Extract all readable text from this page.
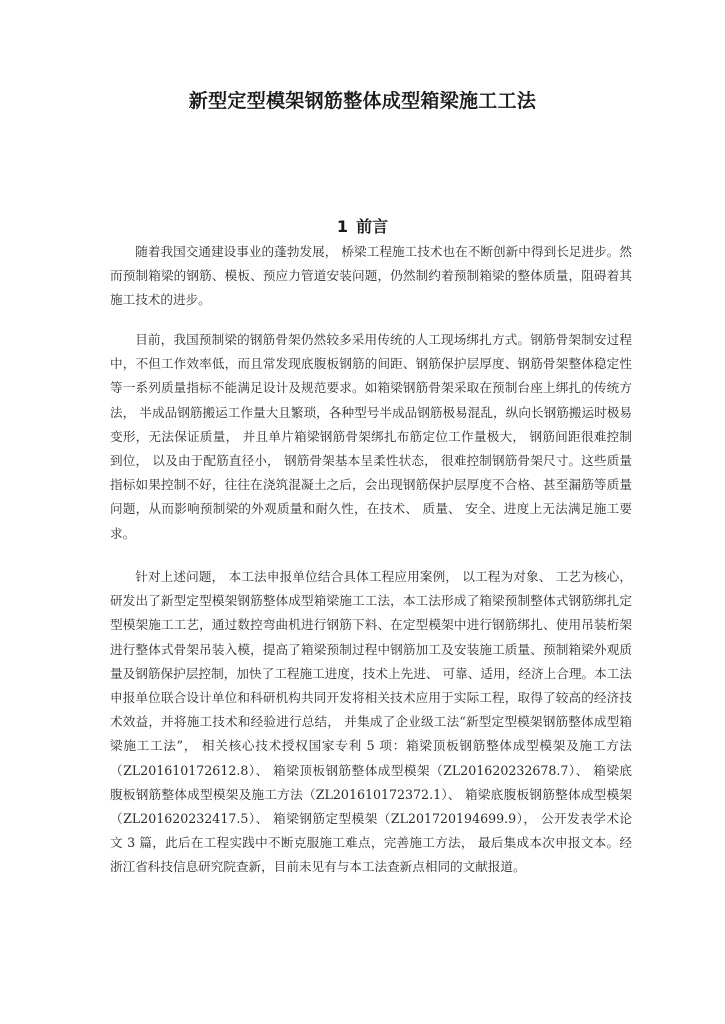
新型定型模架钢筋整体成型箱梁施工工法
1 前言

随着我国交通建设事业的蓬勃发展， 桥梁工程施工技术也在不断创新中得到长足进步。然而预制箱梁的钢筋、模板、预应力管道安装问题，仍然制约着预制箱梁的整体质量，阻碍着其施工技术的进步。

目前，我国预制梁的钢筋骨架仍然较多采用传统的人工现场绑扎方式。钢筋骨架制安过程中，不但工作效率低，而且常发现底腹板钢筋的间距、钢筋保护层厚度、钢筋骨架整体稳定性等一系列质量指标不能满足设计及规范要求。如箱梁钢筋骨架采取在预制台座上绑扎的传统方法， 半成品钢筋搬运工作量大且繁琐，各种型号半成品钢筋极易混乱，纵向长钢筋搬运时极易变形，无法保证质量， 并且单片箱梁钢筋骨架绑扎布筋定位工作量极大， 钢筋间距很难控制到位， 以及由于配筋直径小， 钢筋骨架基本呈柔性状态， 很难控制钢筋骨架尺寸。这些质量指标如果控制不好，往往在浇筑混凝土之后，会出现钢筋保护层厚度不合格、甚至漏筋等质量问题，从而影响预制梁的外观质量和耐久性，在技术、 质量、 安全、进度上无法满足施工要求。

针对上述问题， 本工法申报单位结合具体工程应用案例， 以工程为对象、 工艺为核心，研发出了新型定型模架钢筋整体成型箱梁施工工法，本工法形成了箱梁预制整体式钢筋绑扎定型模架施工工艺，通过数控弯曲机进行钢筋下料、在定型模架中进行钢筋绑扎、使用吊装桁架进行整体式骨架吊装入模，提高了箱梁预制过程中钢筋加工及安装施工质量、预制箱梁外观质量及钢筋保护层控制，加快了工程施工进度，技术上先进、 可靠、适用，经济上合理。本工法申报单位联合设计单位和科研机构共同开发将相关技术应用于实际工程，取得了较高的经济技术效益，并将施工技术和经验进行总结， 并集成了企业级工法“新型定型模架钢筋整体成型箱梁施工工法”， 相关核心技术授权国家专利 5 项：箱梁顶板钢筋整体成型模架及施工方法（ZL201610172612.8）、 箱梁顶板钢筋整体成型模架（ZL201620232678.7）、 箱梁底腹板钢筋整体成型模架及施工方法（ZL201610172372.1）、 箱梁底腹板钢筋整体成型模架（ZL201620232417.5）、 箱梁钢筋定型模架（ZL201720194699.9）， 公开发表学术论文 3 篇，此后在工程实践中不断克服施工难点，完善施工方法， 最后集成本次申报文本。经浙江省科技信息研究院查新，目前未见有与本工法查新点相同的文献报道。
